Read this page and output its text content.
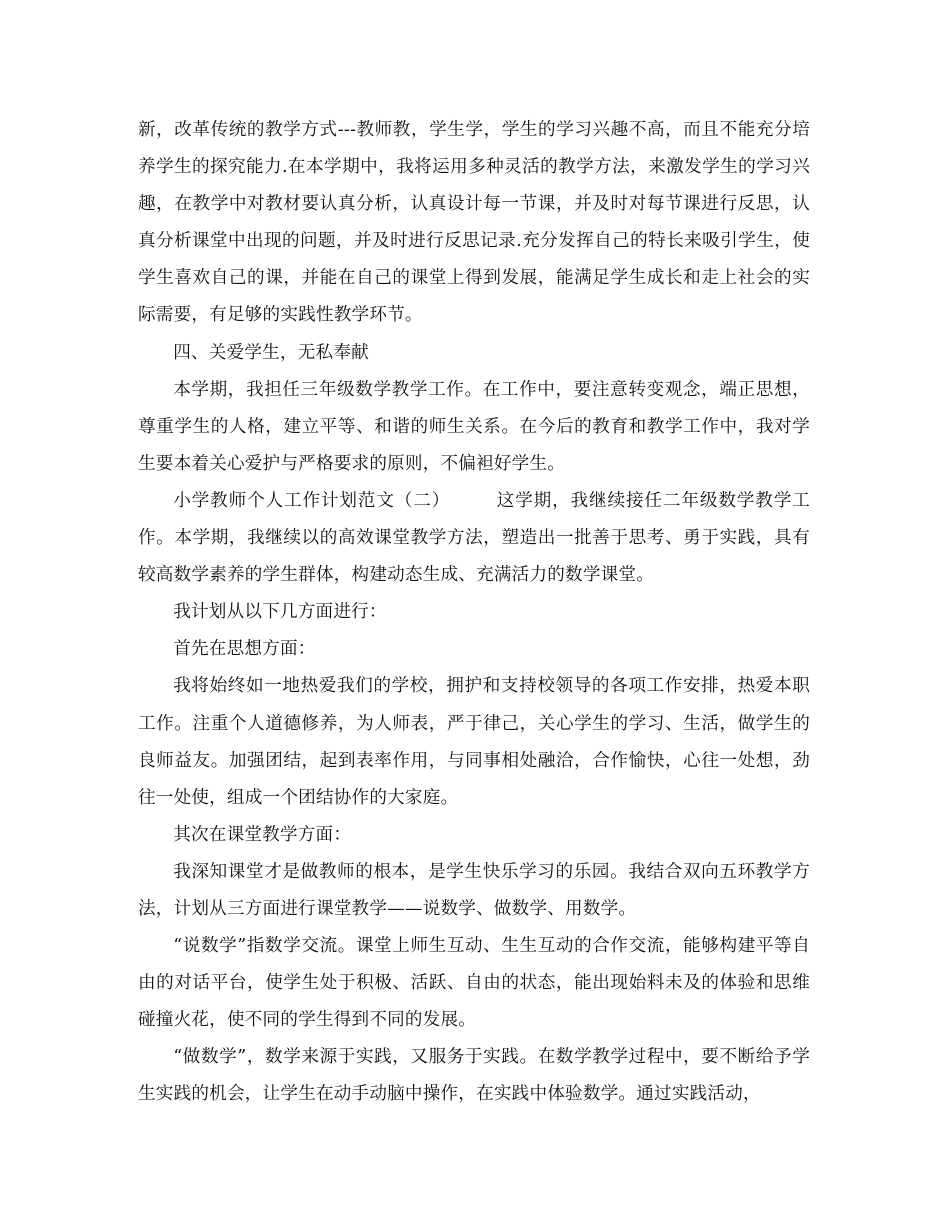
新，改革传统的教学方式---教师教，学生学，学生的学习兴趣不高，而且不能充分培养学生的探究能力.在本学期中，我将运用多种灵活的教学方法，来激发学生的学习兴趣，在教学中对教材要认真分析，认真设计每一节课，并及时对每节课进行反思，认真分析课堂中出现的问题，并及时进行反思记录.充分发挥自己的特长来吸引学生，使学生喜欢自己的课，并能在自己的课堂上得到发展，能满足学生成长和走上社会的实际需要，有足够的实践性教学环节。

四、关爱学生，无私奉献

本学期，我担任三年级数学教学工作。在工作中，要注意转变观念，端正思想，尊重学生的人格，建立平等、和谐的师生关系。在今后的教育和教学工作中，我对学生要本着关心爱护与严格要求的原则，不偏袒好学生。

小学教师个人工作计划范文（二）	这学期，我继续接任二年级数学教学工作。本学期，我继续以的高效课堂教学方法，塑造出一批善于思考、勇于实践，具有较高数学素养的学生群体，构建动态生成、充满活力的数学课堂。

我计划从以下几方面进行：

首先在思想方面：

我将始终如一地热爱我们的学校，拥护和支持校领导的各项工作安排，热爱本职工作。注重个人道德修养，为人师表，严于律己，关心学生的学习、生活，做学生的良师益友。加强团结，起到表率作用，与同事相处融洽，合作愉快，心往一处想，劲往一处使，组成一个团结协作的大家庭。

其次在课堂教学方面：

我深知课堂才是做教师的根本，是学生快乐学习的乐园。我结合双向五环教学方法，计划从三方面进行课堂教学——说数学、做数学、用数学。

“说数学”指数学交流。课堂上师生互动、生生互动的合作交流，能够构建平等自由的对话平台，使学生处于积极、活跃、自由的状态，能出现始料未及的体验和思维碰撞火花，使不同的学生得到不同的发展。

“做数学”，数学来源于实践，又服务于实践。在数学教学过程中，要不断给予学生实践的机会，让学生在动手动脑中操作，在实践中体验数学。通过实践活动，
